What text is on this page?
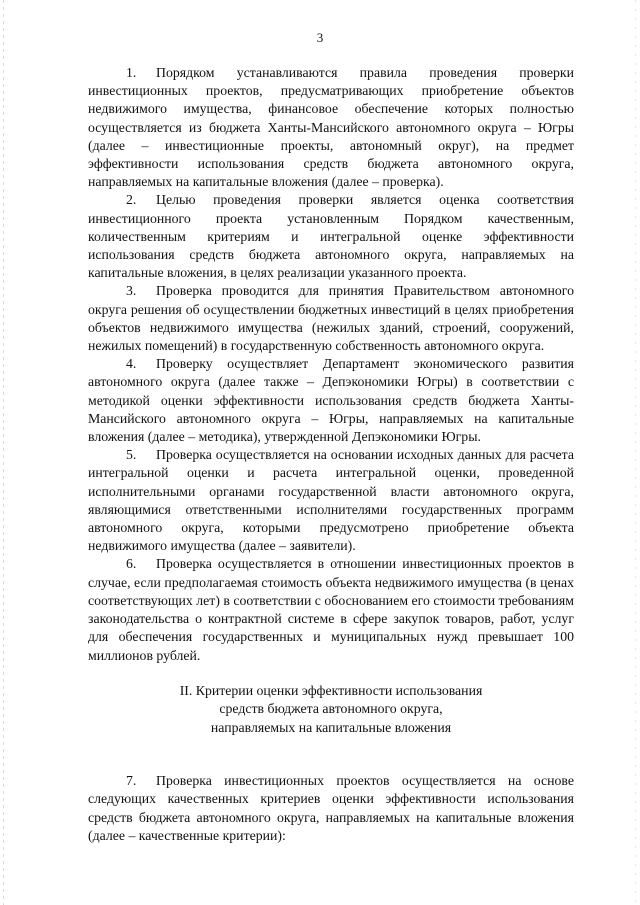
3

1. Порядком устанавливаются правила проведения проверки инвестиционных проектов, предусматривающих приобретение объектов недвижимого имущества, финансовое обеспечение которых полностью осуществляется из бюджета Ханты-Мансийского автономного округа – Югры (далее – инвестиционные проекты, автономный округ), на предмет эффективности использования средств бюджета автономного округа, направляемых на капитальные вложения (далее – проверка).

2. Целью проведения проверки является оценка соответствия инвестиционного проекта установленным Порядком качественным, количественным критериям и интегральной оценке эффективности использования средств бюджета автономного округа, направляемых на капитальные вложения, в целях реализации указанного проекта.

3. Проверка проводится для принятия Правительством автономного округа решения об осуществлении бюджетных инвестиций в целях приобретения объектов недвижимого имущества (нежилых зданий, строений, сооружений, нежилых помещений) в государственную собственность автономного округа.

4. Проверку осуществляет Департамент экономического развития автономного округа (далее также – Депэкономики Югры) в соответствии с методикой оценки эффективности использования средств бюджета Ханты-Мансийского автономного округа – Югры, направляемых на капитальные вложения (далее – методика), утвержденной Депэкономики Югры.

5. Проверка осуществляется на основании исходных данных для расчета интегральной оценки и расчета интегральной оценки, проведенной исполнительными органами государственной власти автономного округа, являющимися ответственными исполнителями государственных программ автономного округа, которыми предусмотрено приобретение объекта недвижимого имущества (далее – заявители).

6. Проверка осуществляется в отношении инвестиционных проектов в случае, если предполагаемая стоимость объекта недвижимого имущества (в ценах соответствующих лет) в соответствии с обоснованием его стоимости требованиям законодательства о контрактной системе в сфере закупок товаров, работ, услуг для обеспечения государственных и муниципальных нужд превышает 100 миллионов рублей.

II. Критерии оценки эффективности использования
средств бюджета автономного округа,
направляемых на капитальные вложения

7. Проверка инвестиционных проектов осуществляется на основе следующих качественных критериев оценки эффективности использования средств бюджета автономного округа, направляемых на капитальные вложения (далее – качественные критерии):
